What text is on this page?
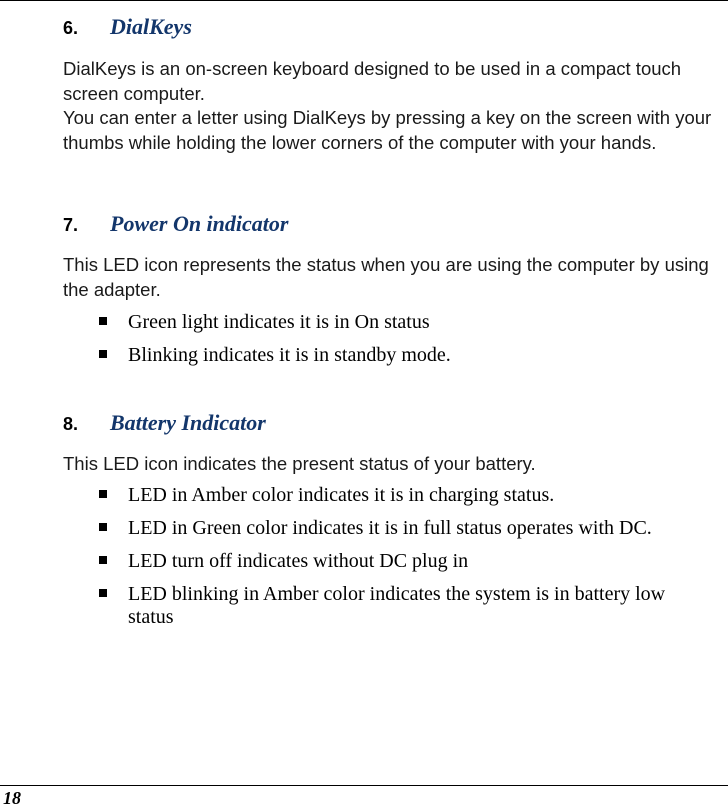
6.	DialKeys

DialKeys is an on-screen keyboard designed to be used in a compact touch screen computer.

You can enter a letter using DialKeys by pressing a key on the screen with your thumbs while holding the lower corners of the computer with your hands.

7.	Power On indicator

This LED icon represents the status when you are using the computer by using the adapter.

Green light indicates it is in On status
Blinking indicates it is in standby mode.
8.	Battery Indicator

This LED icon indicates the present status of your battery.

LED in Amber color indicates it is in charging status.
LED in Green color indicates it is in full status operates with DC.
LED turn off indicates without DC plug in
LED blinking in Amber color indicates the system is in battery low status
18
